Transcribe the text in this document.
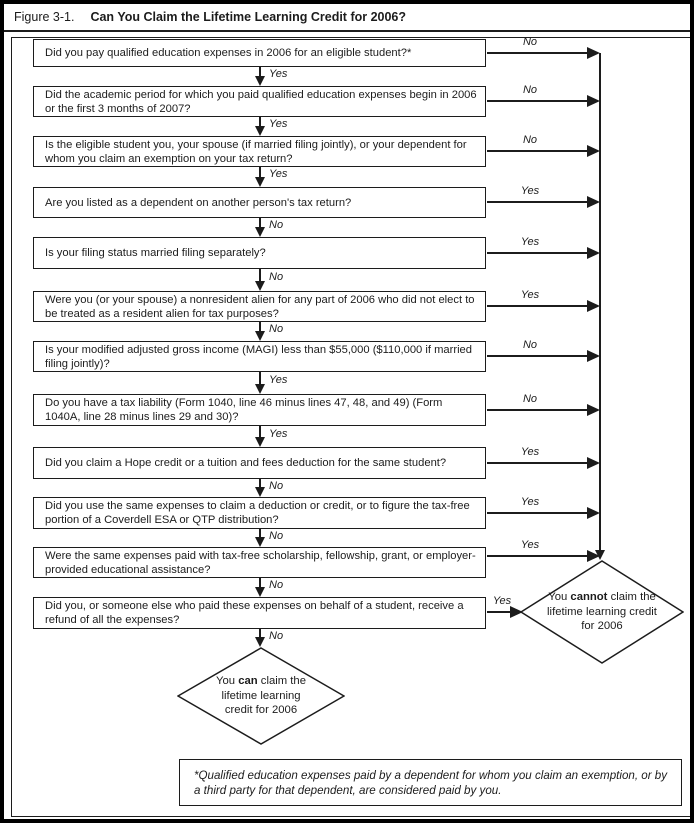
Figure 3-1. Can You Claim the Lifetime Learning Credit for 2006?
Did you pay qualified education expenses in 2006 for an eligible student?*
No
Yes
Did the academic period for which you paid qualified education expenses begin in 2006 or the first 3 months of 2007?
No
Yes
Is the eligible student you, your spouse (if married filing jointly), or your dependent for whom you claim an exemption on your tax return?
No
Yes
Are you listed as a dependent on another person's tax return?
Yes
No
Is your filing status married filing separately?
Yes
No
Were you (or your spouse) a nonresident alien for any part of 2006 who did not elect to be treated as a resident alien for tax purposes?
Yes
No
Is your modified adjusted gross income (MAGI) less than $55,000 ($110,000 if married filing jointly)?
No
Yes
Do you have a tax liability (Form 1040, line 46 minus lines 47, 48, and 49) (Form 1040A, line 28 minus lines 29 and 30)?
No
Yes
Did you claim a Hope credit or a tuition and fees deduction for the same student?
Yes
No
Did you use the same expenses to claim a deduction or credit, or to figure the tax-free portion of a Coverdell ESA or QTP distribution?
Yes
No
Were the same expenses paid with tax-free scholarship, fellowship, grant, or employer-provided educational assistance?
Yes
No
Did you, or someone else who paid these expenses on behalf of a student, receive a refund of all the expenses?
Yes
No
You cannot claim the lifetime learning credit for 2006
You can claim the lifetime learning credit for 2006
*Qualified education expenses paid by a dependent for whom you claim an exemption, or by a third party for that dependent, are considered paid by you.
